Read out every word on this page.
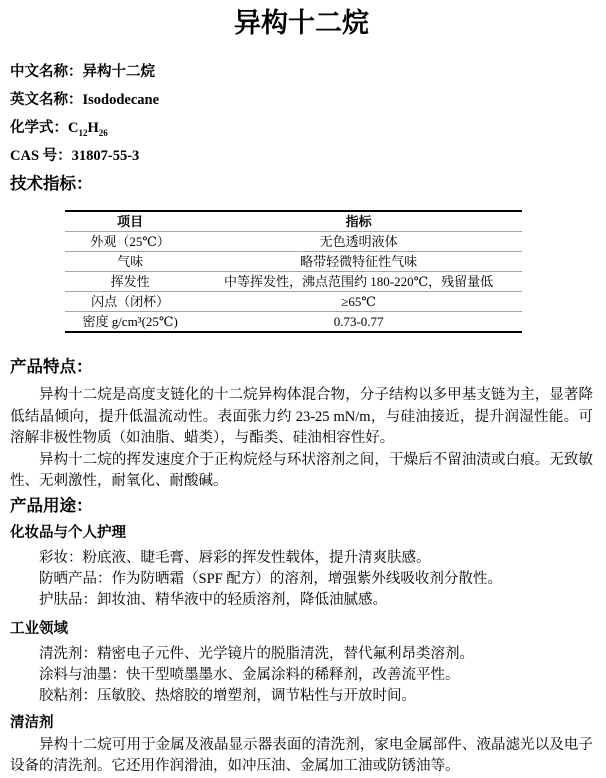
异构十二烷

中文名称：异构十二烷

英文名称：Isododecane

化学式：$C_{12}H_{26}$

CAS 号：31807-55-3

技术指标：
项目	指标
外观（25℃）	无色透明液体
气味	略带轻微特征性气味
挥发性	中等挥发性，沸点范围约 180-220℃，残留量低
闪点（闭杯）	≥65℃
密度 g/cm³(25℃)	0.73-0.77
产品特点：

异构十二烷是高度支链化的十二烷异构体混合物，分子结构以多甲基支链为主，显著降低结晶倾向，提升低温流动性。表面张力约 23-25 mN/m，与硅油接近，提升润湿性能。可溶解非极性物质（如油脂、蜡类），与酯类、硅油相容性好。

异构十二烷的挥发速度介于正构烷烃与环状溶剂之间，干燥后不留油渍或白痕。无致敏性、无刺激性，耐氧化、耐酸碱。

产品用途：
化妆品与个人护理
彩妆：粉底液、睫毛膏、唇彩的挥发性载体，提升清爽肤感。
防晒产品：作为防晒霜（SPF 配方）的溶剂，增强紫外线吸收剂分散性。
护肤品：卸妆油、精华液中的轻质溶剂，降低油腻感。
工业领域
清洗剂：精密电子元件、光学镜片的脱脂清洗，替代氟利昂类溶剂。
涂料与油墨：快干型喷墨墨水、金属涂料的稀释剂，改善流平性。
胶粘剂：压敏胶、热熔胶的增塑剂，调节粘性与开放时间。
清洁剂

异构十二烷可用于金属及液晶显示器表面的清洗剂，家电金属部件、液晶滤光以及电子设备的清洗剂。它还用作润滑油，如冲压油、金属加工油或防锈油等。
